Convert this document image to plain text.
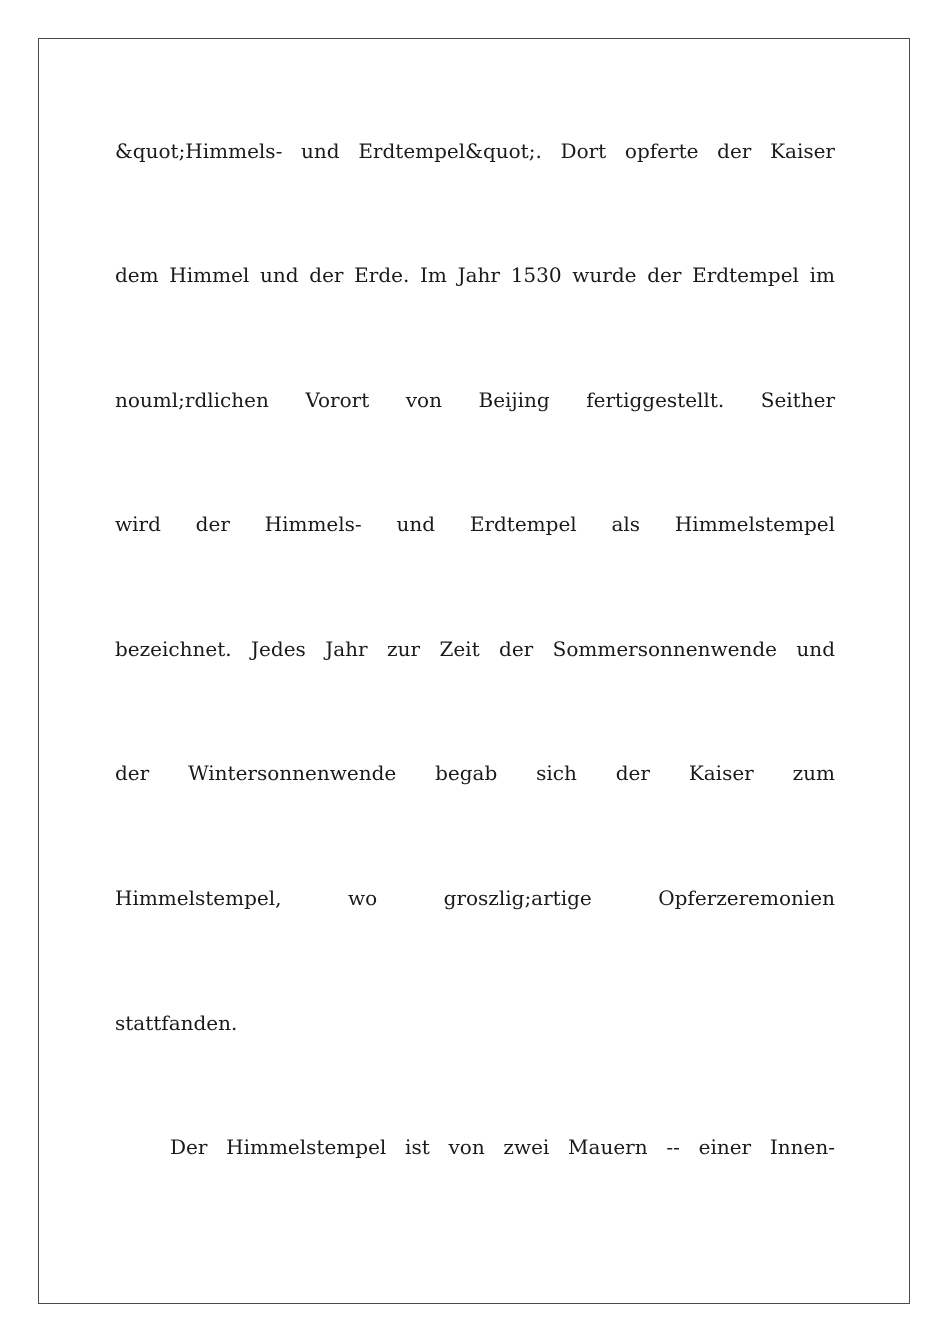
&quot;Himmels- und Erdtempel&quot;. Dort opferte der Kaiser
dem Himmel und der Erde. Im Jahr 1530 wurde der Erdtempel im
nouml;rdlichen Vorort von Beijing fertiggestellt. Seither
wird der Himmels- und Erdtempel als Himmelstempel
bezeichnet. Jedes Jahr zur Zeit der Sommersonnenwende und
der Wintersonnenwende begab sich der Kaiser zum
Himmelstempel, wo groszlig;artige Opferzeremonien
stattfanden.
Der Himmelstempel ist von zwei Mauern -- einer Innen-
